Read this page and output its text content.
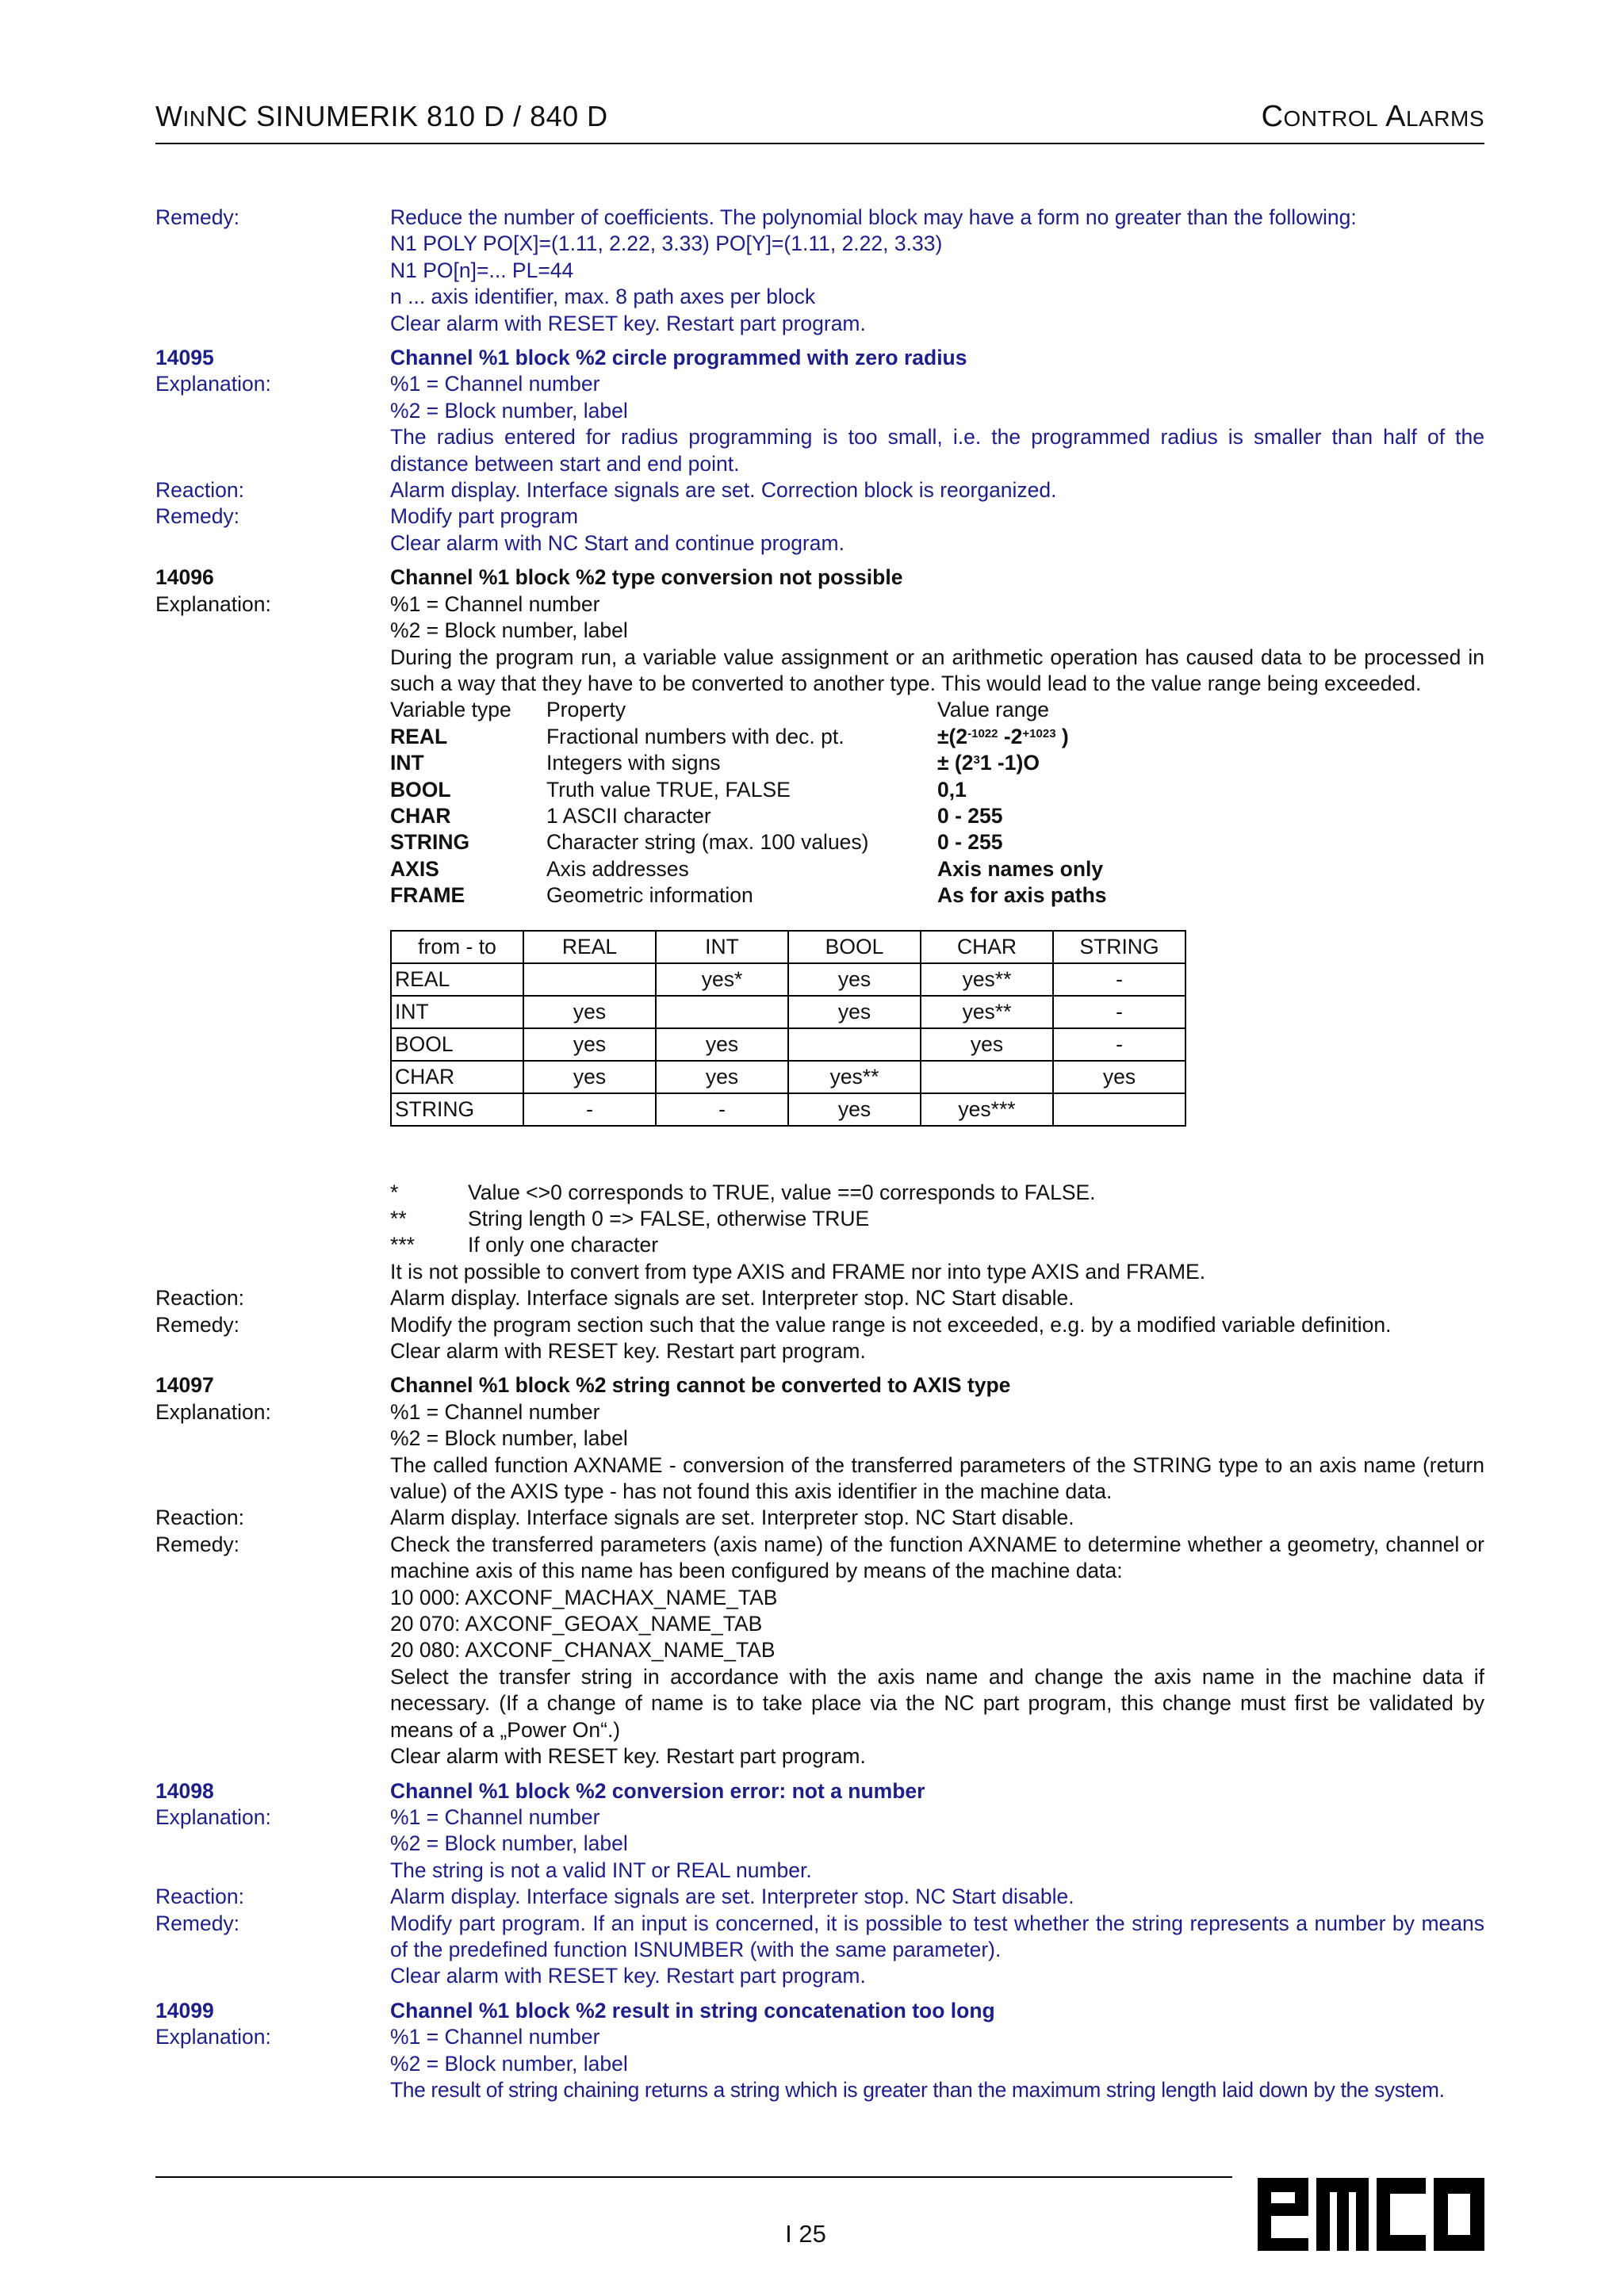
WINNC SINUMERIK 810 D / 840 D	CONTROL ALARMS
Remedy:	Reduce the number of coefficients. The polynomial block may have a form no greater than the following:
N1 POLY PO[X]=(1.11, 2.22, 3.33) PO[Y]=(1.11, 2.22, 3.33)
N1 PO[n]=... PL=44
n ... axis identifier, max. 8 path axes per block
Clear alarm with RESET key. Restart part program.
14095	Channel %1 block %2 circle programmed with zero radius
Explanation:	%1 = Channel number
%2 = Block number, label
The radius entered for radius programming is too small, i.e. the programmed radius is smaller than half of the distance between start and end point.
Reaction:	Alarm display. Interface signals are set. Correction block is reorganized.
Remedy:	Modify part program
Clear alarm with NC Start and continue program.
14096	Channel %1 block %2 type conversion not possible
Explanation:	%1 = Channel number
%2 = Block number, label
During the program run, a variable value assignment or an arithmetic operation has caused data to be processed in such a way that they have to be converted to another type. This would lead to the value range being exceeded.
Variable type	Property	Value range
REAL	Fractional numbers with dec. pt.	$\pm(2^{-1022}$ $-2^{+1023}$ )
INT	Integers with signs	± ($2^31$ -1)O
BOOL	Truth value TRUE, FALSE	0,1
CHAR	1 ASCII character	0 - 255
STRING	Character string (max. 100 values)	0 - 255
AXIS	Axis addresses	Axis names only
FRAME	Geometric information	As for axis paths
from - to	REAL	INT	BOOL	CHAR	STRING
REAL		yes*	yes	yes**	-
INT	yes		yes	yes**	-
BOOL	yes	yes		yes	-
CHAR	yes	yes	yes**		yes
STRING	-	-	yes	yes***	
*	Value <>0 corresponds to TRUE, value ==0 corresponds to FALSE.
**	String length 0 => FALSE, otherwise TRUE
***	If only one character
It is not possible to convert from type AXIS and FRAME nor into type AXIS and FRAME.
Reaction:	Alarm display. Interface signals are set. Interpreter stop. NC Start disable.
Remedy:	Modify the program section such that the value range is not exceeded, e.g. by a modified variable definition.
Clear alarm with RESET key. Restart part program.
14097	Channel %1 block %2 string cannot be converted to AXIS type
Explanation:	%1 = Channel number
%2 = Block number, label
The called function AXNAME - conversion of the transferred parameters of the STRING type to an axis name (return value) of the AXIS type - has not found this axis identifier in the machine data.
Reaction:	Alarm display. Interface signals are set. Interpreter stop. NC Start disable.
Remedy:	Check the transferred parameters (axis name) of the function AXNAME to determine whether a geometry, channel or machine axis of this name has been configured by means of the machine data:
10 000: AXCONF_MACHAX_NAME_TAB
20 070: AXCONF_GEOAX_NAME_TAB
20 080: AXCONF_CHANAX_NAME_TAB
Select the transfer string in accordance with the axis name and change the axis name in the machine data if necessary. (If a change of name is to take place via the NC part program, this change must first be validated by means of a „Power On“.)
Clear alarm with RESET key. Restart part program.
14098	Channel %1 block %2 conversion error: not a number
Explanation:	%1 = Channel number
%2 = Block number, label
The string is not a valid INT or REAL number.
Reaction:	Alarm display. Interface signals are set. Interpreter stop. NC Start disable.
Remedy:	Modify part program. If an input is concerned, it is possible to test whether the string represents a number by means of the predefined function ISNUMBER (with the same parameter).
Clear alarm with RESET key. Restart part program.
14099	Channel %1 block %2 result in string concatenation too long
Explanation:	%1 = Channel number
%2 = Block number, label
The result of string chaining returns a string which is greater than the maximum string length laid down by the system.
I 25
